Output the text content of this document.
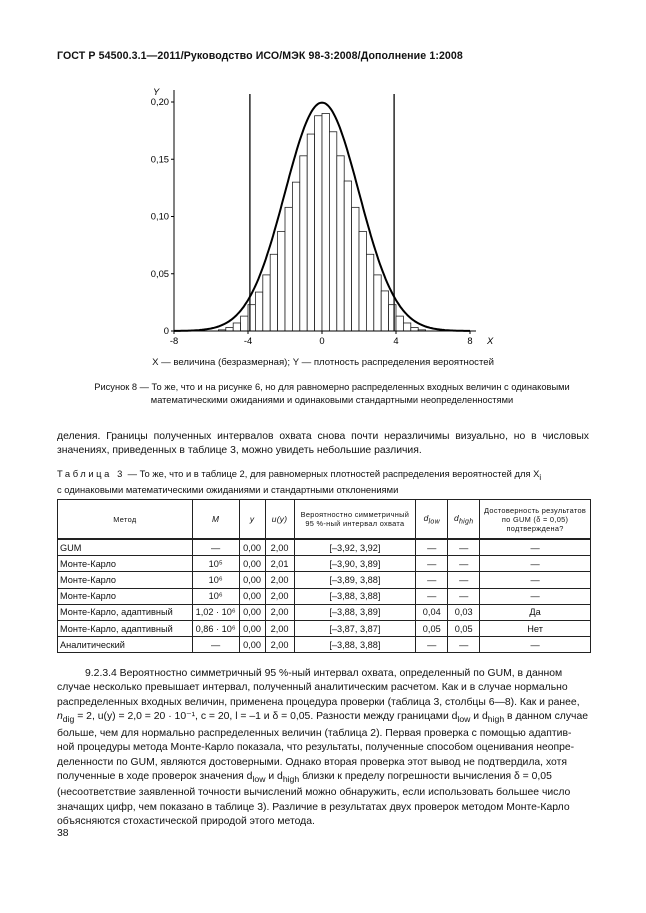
ГОСТ Р 54500.3.1—2011/Руководство ИСО/МЭК 98-3:2008/Дополнение 1:2008
0
0,05
0,10
0,15
0,20
-8	-4	0	4	8 X
Y
X — величина (безразмерная); Y — плотность распределения вероятностей
Рисунок 8 — То же, что и на рисунке 6, но для равномерно распределенных входных величин с одинаковыми
математическими ожиданиями и одинаковыми стандартными неопределенностями
деления. Границы полученных интервалов охвата снова почти неразличимы визуально, но в числовых значениях, приведенных в таблице 3, можно увидеть небольшие различия.
Таблица 3 — То же, что и в таблице 2, для равномерных плотностей распределения вероятностей для $X_i$
с одинаковыми математическими ожиданиями и стандартными отклонениями
Метод	M	y	u(y)	Вероятностно симметричный 95 %-ный интервал охвата	$d_{low}$	$d_{high}$	Достоверность результатов по GUM (δ = 0,05) подтверждена?
GUM	—	0,00	2,00	[–3,92, 3,92]	—	—	—
Монте-Карло	10⁵	0,00	2,01	[–3,90, 3,89]	—	—	—
Монте-Карло	10⁶	0,00	2,00	[–3,89, 3,88]	—	—	—
Монте-Карло	10⁶	0,00	2,00	[–3,88, 3,88]	—	—	—
Монте-Карло, адаптивный	1,02 · 10⁶	0,00	2,00	[–3,88, 3,89]	0,04	0,03	Да
Монте-Карло, адаптивный	0,86 · 10⁶	0,00	2,00	[–3,87, 3,87]	0,05	0,05	Нет
Аналитический	—	0,00	2,00	[–3,88, 3,88]	—	—	—

9.2.3.4 Вероятностно симметричный 95 %-ный интервал охвата, определенный по GUM, в данном

случае несколько превышает интервал, полученный аналитическим расчетом. Как и в случае нормально

распределенных входных величин, применена процедура проверки (таблица 3, столбцы 6—8). Как и ранее,

$n_{dig} = 2$, u(y) = 2,0 = 20 · 10⁻¹, c = 20, l = –1 и δ = 0,05. Разности между границами $d_{low}$ и $d_{high}$ в данном случае

больше, чем для нормально распределенных величин (таблица 2). Первая проверка с помощью адаптив-

ной процедуры метода Монте-Карло показала, что результаты, полученные способом оценивания неопре-

деленности по GUM, являются достоверными. Однако вторая проверка этот вывод не подтвердила, хотя

полученные в ходе проверок значения $d_{low}$ и $d_{high}$ близки к пределу погрешности вычисления δ = 0,05

(несоответствие заявленной точности вычислений можно обнаружить, если использовать большее число

значащих цифр, чем показано в таблице 3). Различие в результатах двух проверок методом Монте-Карло

объясняются стохастической природой этого метода.

38
